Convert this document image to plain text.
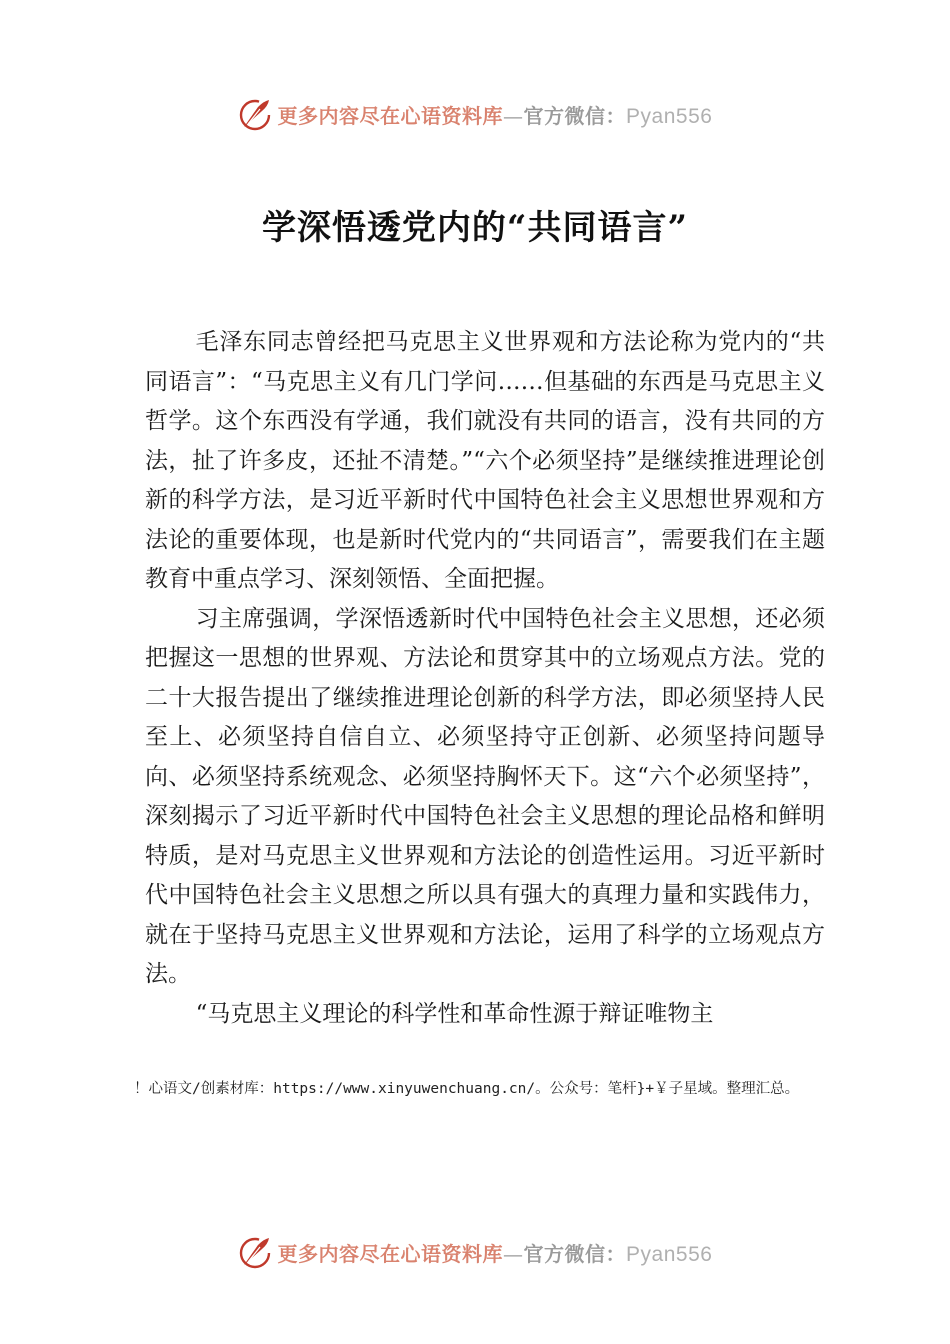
更多内容尽在心语资料库—官方微信：Pyan556
学深悟透党内的“共同语言”

毛泽东同志曾经把马克思主义世界观和方法论称为党内的“共同语言”：“马克思主义有几门学问……但基础的东西是马克思主义哲学。这个东西没有学通，我们就没有共同的语言，没有共同的方法，扯了许多皮，还扯不清楚。”“六个必须坚持”是继续推进理论创新的科学方法，是习近平新时代中国特色社会主义思想世界观和方法论的重要体现，也是新时代党内的“共同语言”，需要我们在主题教育中重点学习、深刻领悟、全面把握。

习主席强调，学深悟透新时代中国特色社会主义思想，还必须把握这一思想的世界观、方法论和贯穿其中的立场观点方法。党的二十大报告提出了继续推进理论创新的科学方法，即必须坚持人民至上、必须坚持自信自立、必须坚持守正创新、必须坚持问题导向、必须坚持系统观念、必须坚持胸怀天下。这“六个必须坚持”，深刻揭示了习近平新时代中国特色社会主义思想的理论品格和鲜明特质，是对马克思主义世界观和方法论的创造性运用。习近平新时代中国特色社会主义思想之所以具有强大的真理力量和实践伟力，就在于坚持马克思主义世界观和方法论，运用了科学的立场观点方法。

“马克思主义理论的科学性和革命性源于辩证唯物主

！心语文/创素材库：https://www.xinyuwenchuang.cn/。公众号：笔杆}+￥子星域。整理汇总。
更多内容尽在心语资料库—官方微信：Pyan556
